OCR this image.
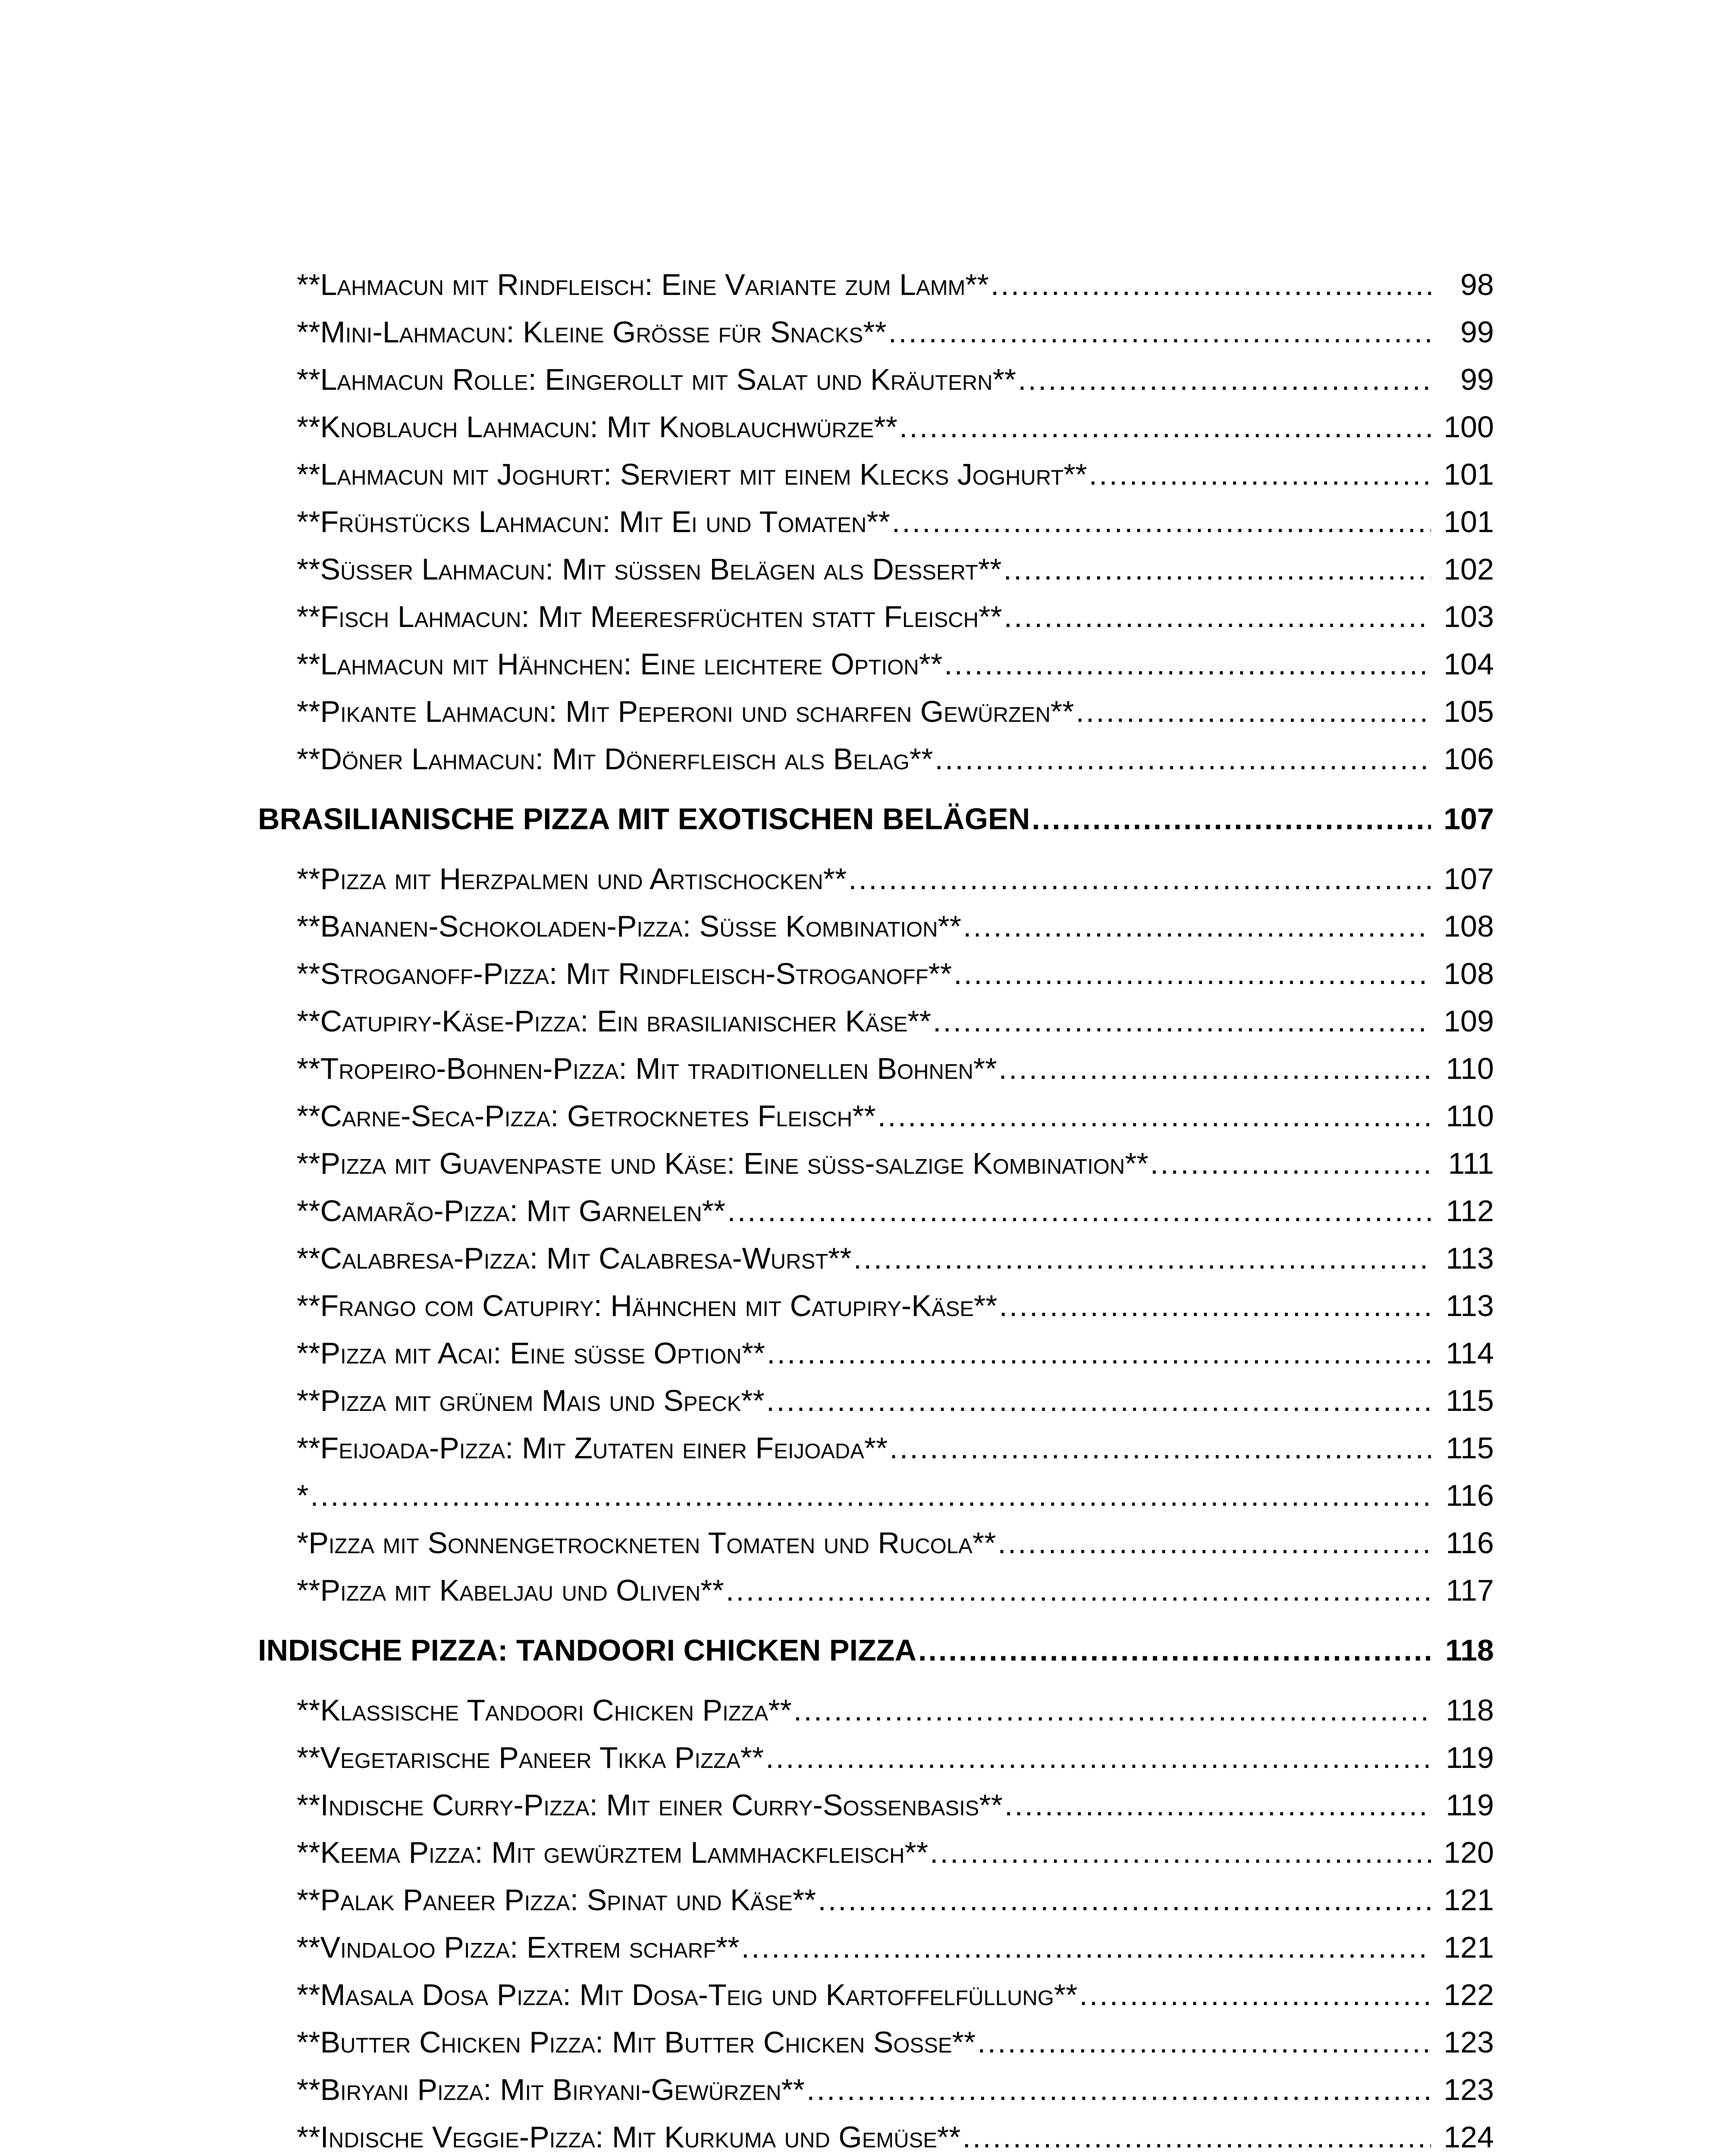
**Lahmacun mit Rindfleisch: Eine Variante zum Lamm** .....	98
**Mini-Lahmacun: Kleine Größe für Snacks** .....	99
**Lahmacun Rolle: Eingerollt mit Salat und Kräutern** .....	99
**Knoblauch Lahmacun: Mit Knoblauchwürze** .....	100
**Lahmacun mit Joghurt: Serviert mit einem Klecks Joghurt** .....	101
**Frühstücks Lahmacun: Mit Ei und Tomaten** .....	101
**Süßer Lahmacun: Mit süßen Belägen als Dessert** .....	102
**Fisch Lahmacun: Mit Meeresfrüchten statt Fleisch** .....	103
**Lahmacun mit Hähnchen: Eine leichtere Option** .....	104
**Pikante Lahmacun: Mit Peperoni und scharfen Gewürzen** .....	105
**Döner Lahmacun: Mit Dönerfleisch als Belag** .....	106
BRASILIANISCHE PIZZA MIT EXOTISCHEN BELÄGEN .....	107
**Pizza mit Herzpalmen und Artischocken** .....	107
**Bananen-Schokoladen-Pizza: Süße Kombination** .....	108
**Stroganoff-Pizza: Mit Rindfleisch-Stroganoff** .....	108
**Catupiry-Käse-Pizza: Ein brasilianischer Käse** .....	109
**Tropeiro-Bohnen-Pizza: Mit traditionellen Bohnen** .....	110
**Carne-Seca-Pizza: Getrocknetes Fleisch** .....	110
**Pizza mit Guavenpaste und Käse: Eine süß-salzige Kombination** .....	111
**Camarão-Pizza: Mit Garnelen** .....	112
**Calabresa-Pizza: Mit Calabresa-Wurst** .....	113
**Frango com Catupiry: Hähnchen mit Catupiry-Käse** .....	113
**Pizza mit Acai: Eine süße Option** .....	114
**Pizza mit grünem Mais und Speck** .....	115
**Feijoada-Pizza: Mit Zutaten einer Feijoada** .....	115
* .....	116
*Pizza mit Sonnengetrockneten Tomaten und Rucola** .....	116
**Pizza mit Kabeljau und Oliven** .....	117
INDISCHE PIZZA: TANDOORI CHICKEN PIZZA .....	118
**Klassische Tandoori Chicken Pizza** .....	118
**Vegetarische Paneer Tikka Pizza** .....	119
**Indische Curry-Pizza: Mit einer Curry-Soßenbasis** .....	119
**Keema Pizza: Mit gewürztem Lammhackfleisch** .....	120
**Palak Paneer Pizza: Spinat und Käse** .....	121
**Vindaloo Pizza: Extrem scharf** .....	121
**Masala Dosa Pizza: Mit Dosa-Teig und Kartoffelfüllung** .....	122
**Butter Chicken Pizza: Mit Butter Chicken Soße** .....	123
**Biryani Pizza: Mit Biryani-Gewürzen** .....	123
**Indische Veggie-Pizza: Mit Kurkuma und Gemüse** .....	124
